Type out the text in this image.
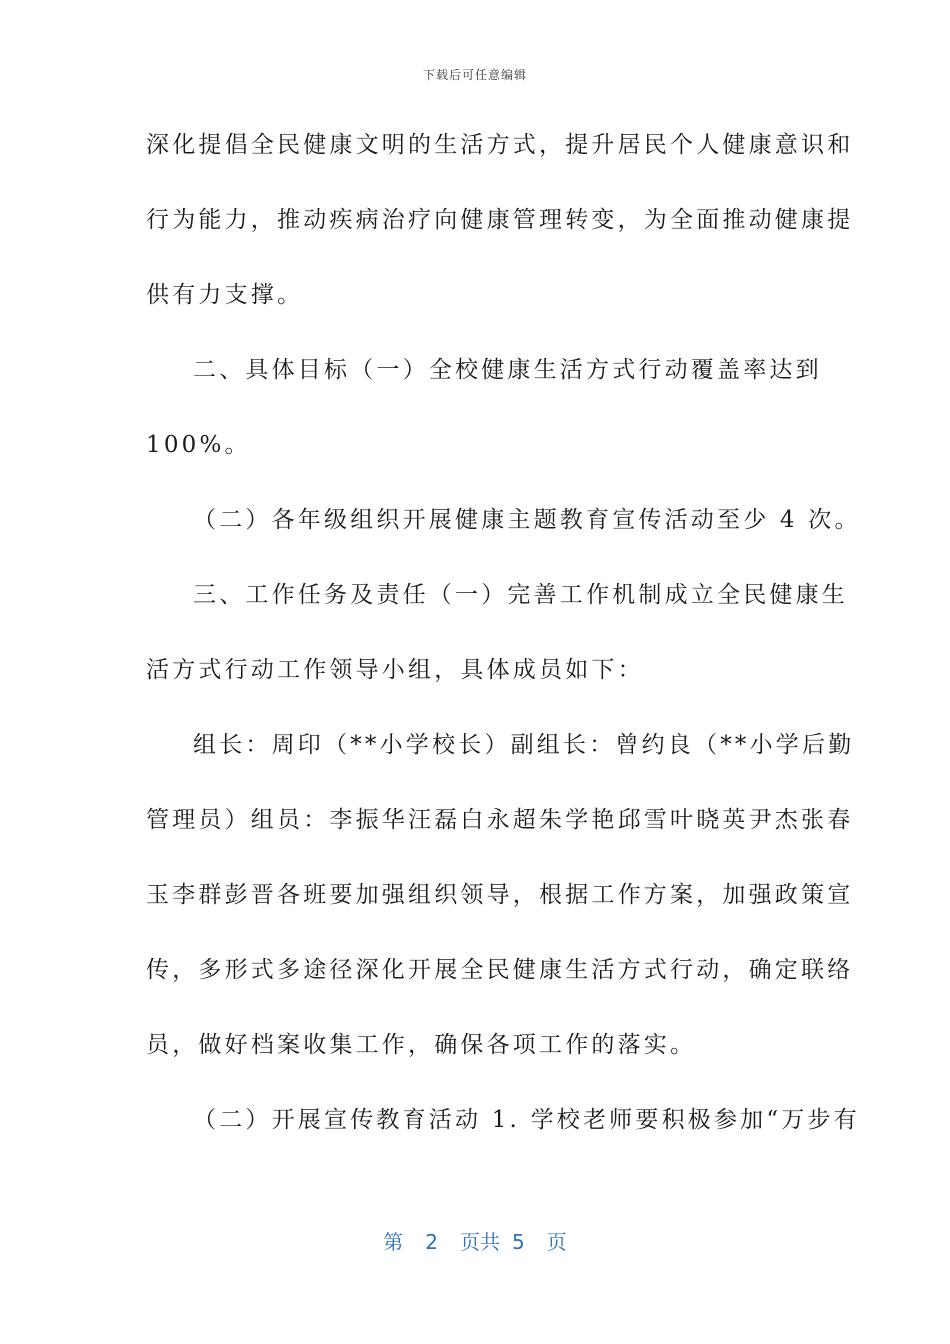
下载后可任意编辑
深化提倡全民健康文明的生活方式，提升居民个人健康意识和
行为能力，推动疾病治疗向健康管理转变，为全面推动健康提
供有力支撑。
二、具体目标（一）全校健康生活方式行动覆盖率达到
100%。
（二）各年级组织开展健康主题教育宣传活动至少 4 次。
三、工作任务及责任（一）完善工作机制成立全民健康生
活方式行动工作领导小组，具体成员如下：
组长：周印（**小学校长）副组长：曾约良（**小学后勤
管理员）组员：李振华汪磊白永超朱学艳邱雪叶晓英尹杰张春
玉李群彭晋各班要加强组织领导，根据工作方案，加强政策宣
传，多形式多途径深化开展全民健康生活方式行动，确定联络
员，做好档案收集工作，确保各项工作的落实。
（二）开展宣传教育活动 1. 学校老师要积极参加“万步有
第 2 页共 5 页
